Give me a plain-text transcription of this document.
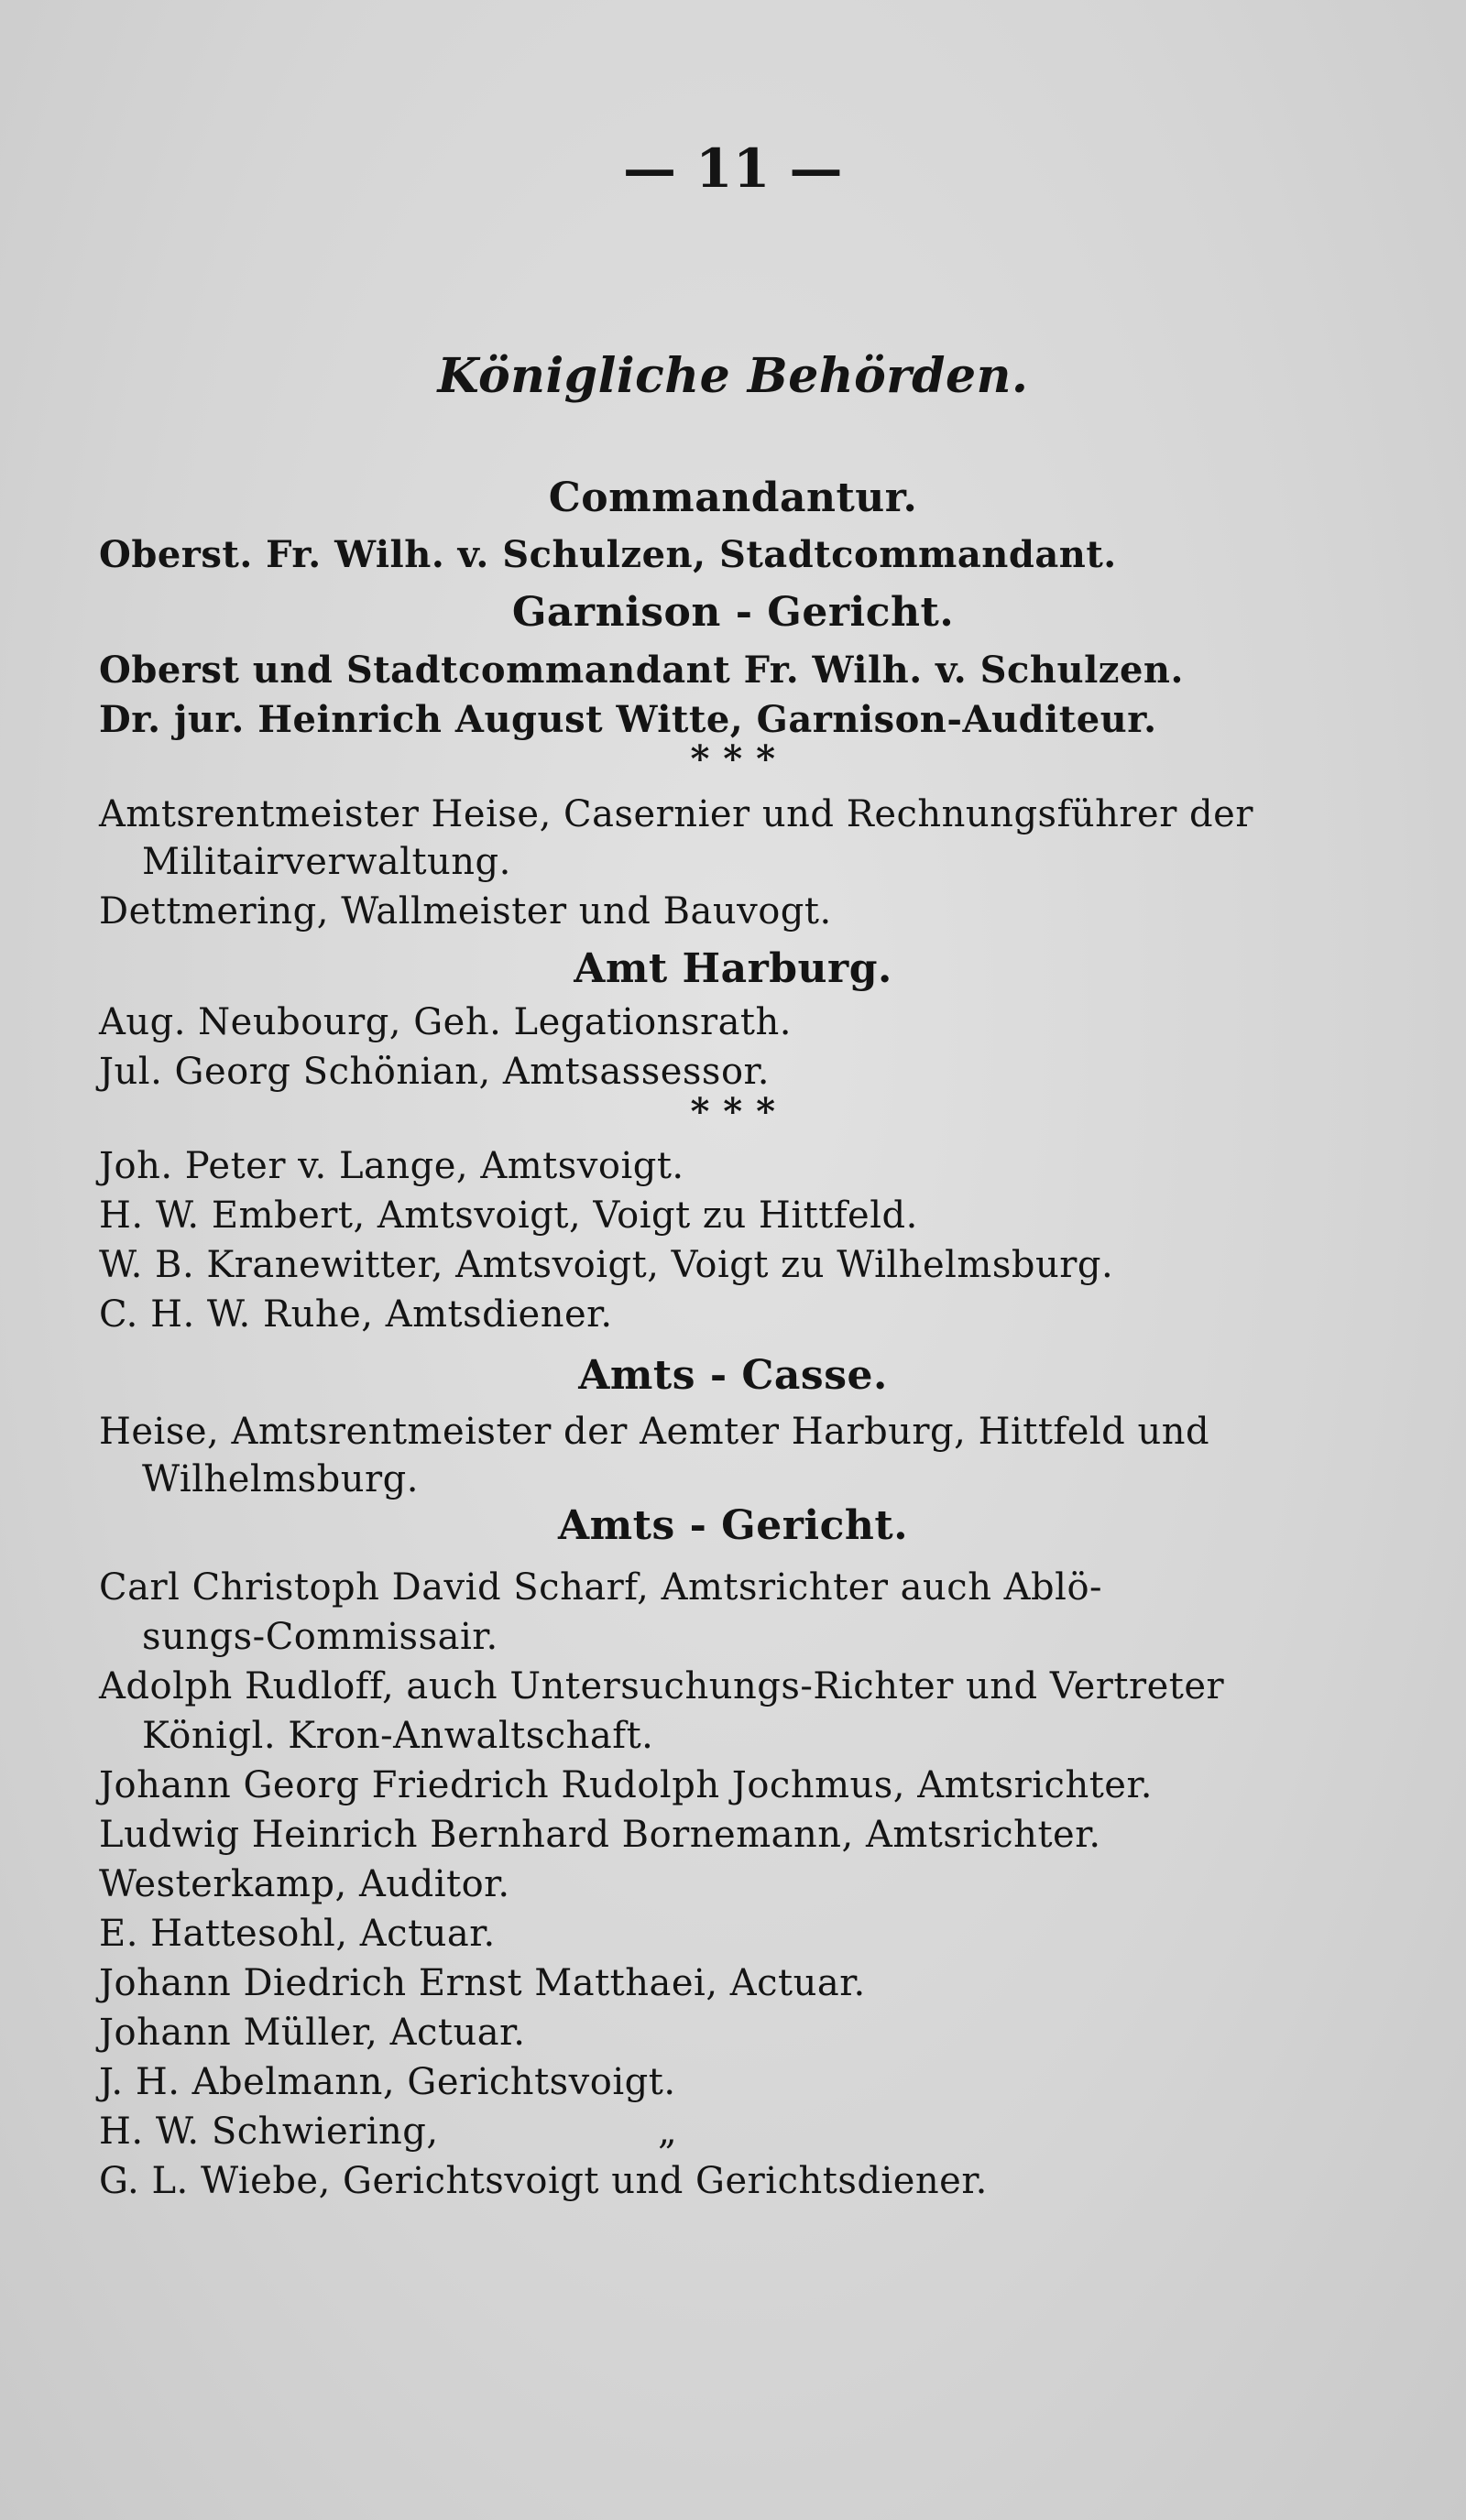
— 11 —
Königliche Behörden.
Commandantur.
Oberst. Fr. Wilh. v. Schulzen, Stadtcommandant.
Garnison - Gericht.
Oberst und Stadtcommandant Fr. Wilh. v. Schulzen.
Dr. jur. Heinrich August Witte, Garnison-Auditeur.
* * *
Amtsrentmeister Heise, Casernier und Rechnungsführer der
Militairverwaltung.
Dettmering, Wallmeister und Bauvogt.
Amt Harburg.
Aug. Neubourg, Geh. Legationsrath.
Jul. Georg Schönian, Amtsassessor.
* * *
Joh. Peter v. Lange, Amtsvoigt.
H. W. Embert, Amtsvoigt, Voigt zu Hittfeld.
W. B. Kranewitter, Amtsvoigt, Voigt zu Wilhelmsburg.
C. H. W. Ruhe, Amtsdiener.
Amts - Casse.
Heise, Amtsrentmeister der Aemter Harburg, Hittfeld und
Wilhelmsburg.
Amts - Gericht.
Carl Christoph David Scharf, Amtsrichter auch Ablö-
sungs-Commissair.
Adolph Rudloff, auch Untersuchungs-Richter und Vertreter
Königl. Kron-Anwaltschaft.
Johann Georg Friedrich Rudolph Jochmus, Amtsrichter.
Ludwig Heinrich Bernhard Bornemann, Amtsrichter.
Westerkamp, Auditor.
E. Hattesohl, Actuar.
Johann Diedrich Ernst Matthaei, Actuar.
Johann Müller, Actuar.
J. H. Abelmann, Gerichtsvoigt.
H. W. Schwiering,	„
G. L. Wiebe, Gerichtsvoigt und Gerichtsdiener.
